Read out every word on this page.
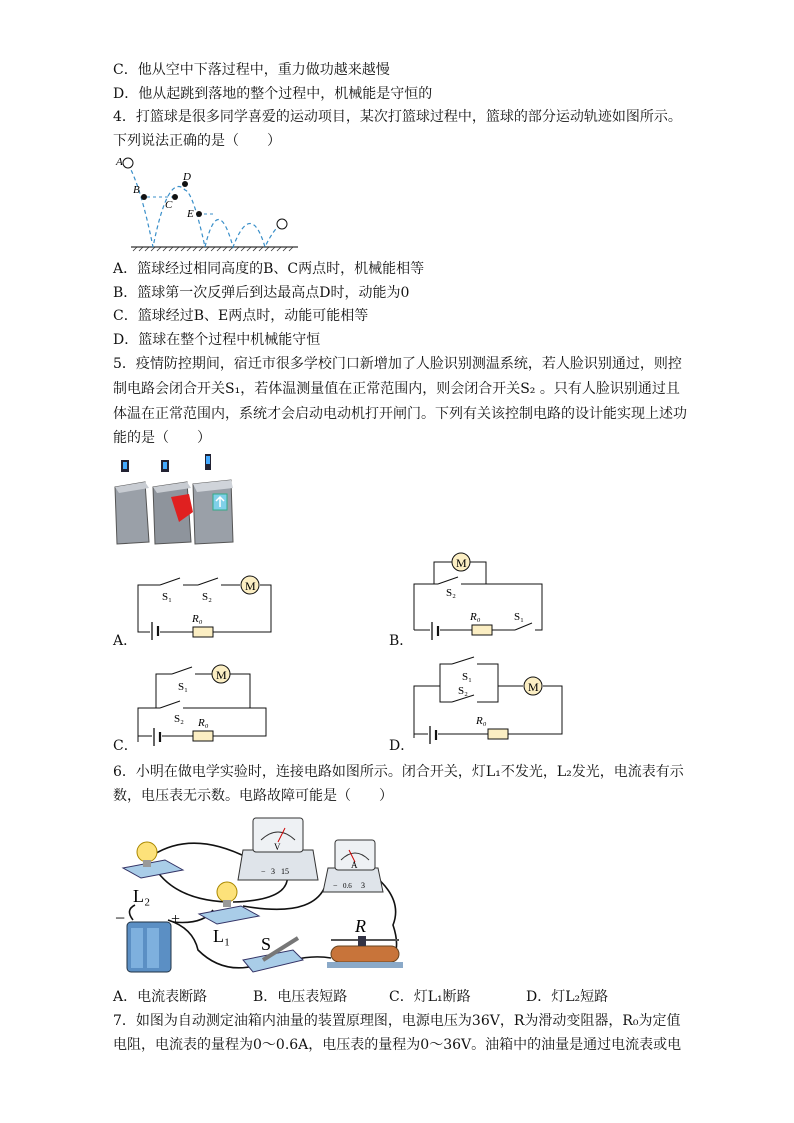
C．他从空中下落过程中，重力做功越来越慢
D．他从起跳到落地的整个过程中，机械能是守恒的
4．打篮球是很多同学喜爱的运动项目，某次打篮球过程中，篮球的部分运动轨迹如图所示。
下列说法正确的是（　　）
A
B
C
D
E
A．篮球经过相同高度的B、C两点时，机械能相等
B．篮球第一次反弹后到达最高点D时，动能为0
C．篮球经过B、E两点时，动能可能相等
D．篮球在整个过程中机械能守恒
5．疫情防控期间，宿迁市很多学校门口新增加了人脸识别测温系统，若人脸识别通过，则控
制电路会闭合开关S₁，若体温测量值在正常范围内，则会闭合开关S₂ 。只有人脸识别通过且
体温在正常范围内，系统才会启动电动机打开闸门。下列有关该控制电路的设计能实现上述功
能的是（　　）
M
S₁	S₂
R₀
A．
M
S₂
R₀	S₁
B．
M
S₁
S₂ R₀
C．
M
S₁
S₂
R₀
D．
6．小明在做电学实验时，连接电路如图所示。闭合开关，灯L₁不发光，L₂发光，电流表有示
数，电压表无示数。电路故障可能是（　　）
L₂
L₁
V
− 3 15
A
− 0.6 3
−	+
S
R
A．电流表断路	B．电压表短路	C．灯L₁断路	D．灯L₂短路
7．如图为自动测定油箱内油量的装置原理图，电源电压为36V，R为滑动变阻器，R₀为定值
电阻，电流表的量程为0～0.6A，电压表的量程为0～36V。油箱中的油量是通过电流表或电
